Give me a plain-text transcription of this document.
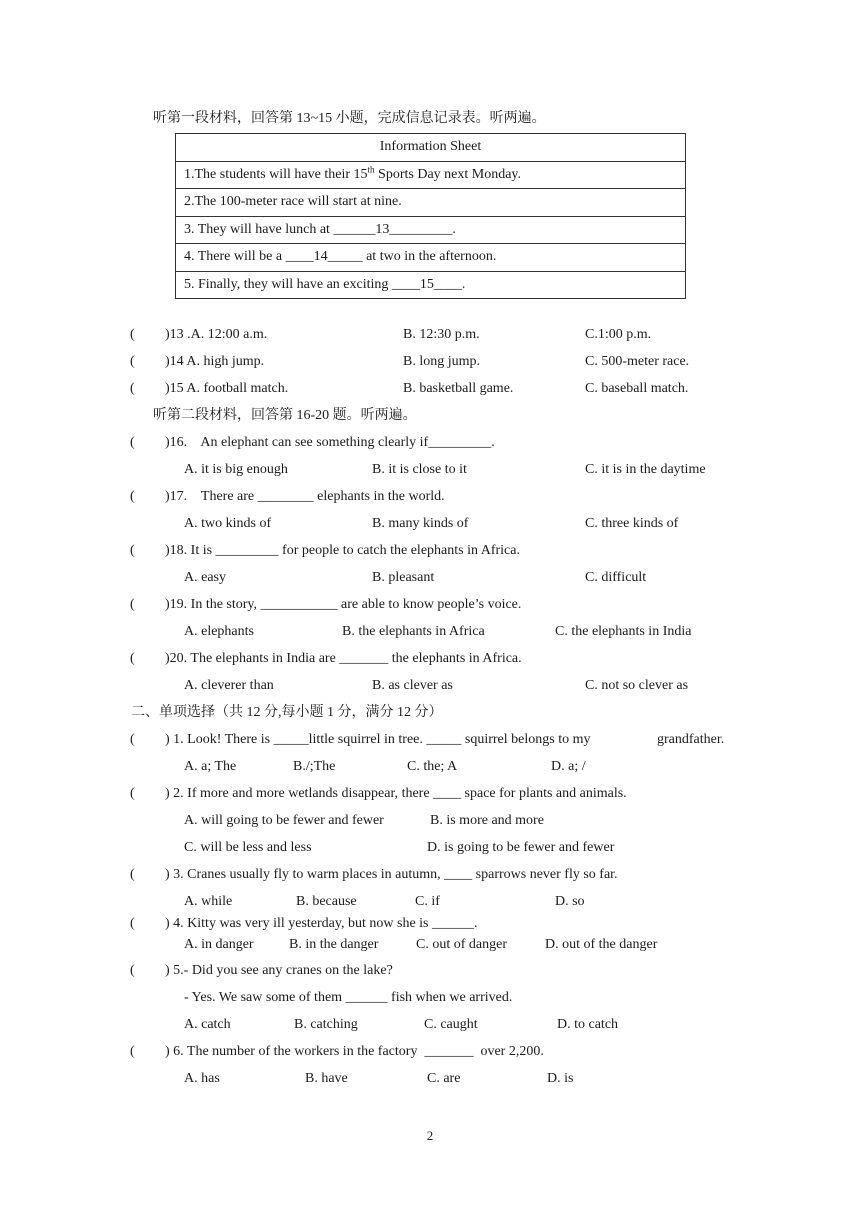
听第一段材料，回答第 13~15 小题，完成信息记录表。听两遍。
Information Sheet
1.The students will have their 15th Sports Day next Monday.
2.The 100-meter race will start at nine.
3. They will have lunch at ______13_________.
4. There will be a ____14_____ at two in the afternoon.
5. Finally, they will have an exciting ____15____.
( )13 .A. 12:00 a.m.	B. 12:30 p.m.	C.1:00 p.m.
( )14 A. high jump.	B. long jump.	C. 500-meter race.
( )15 A. football match.	B. basketball game.	C. baseball match.
听第二段材料，回答第 16-20 题。听两遍。
( )16.    An elephant can see something clearly if_________.
A. it is big enough	B. it is close to it	C. it is in the daytime
( )17.    There are ________ elephants in the world.
A. two kinds of	B. many kinds of	C. three kinds of
( )18. It is _________ for people to catch the elephants in Africa.
A. easy	B. pleasant	C. difficult
( )19. In the story, ___________ are able to know people’s voice.
A. elephants	B. the elephants in Africa	C. the elephants in India
( )20. The elephants in India are _______ the elephants in Africa.
A. cleverer than	B. as clever as	C. not so clever as
二、单项选择（共 12 分,每小题 1 分，满分 12 分）
( ) 1. Look! There is _____little squirrel in tree. _____ squirrel belongs to my	grandfather.
A. a; The	B./;The	C. the; A	D. a; /
( ) 2. If more and more wetlands disappear, there ____ space for plants and animals.
A. will going to be fewer and fewer	B. is more and more
C. will be less and less	D. is going to be fewer and fewer
( ) 3. Cranes usually fly to warm places in autumn, ____ sparrows never fly so far.
A. while	B. because	C. if	D. so
( ) 4. Kitty was very ill yesterday, but now she is ______.
A. in danger	B. in the danger	C. out of danger	D. out of the danger
( ) 5.- Did you see any cranes on the lake?
- Yes. We saw some of them ______ fish when we arrived.
A. catch	B. catching	C. caught	D. to catch
( ) 6. The number of the workers in the factory  _______  over 2,200.
A. has	B. have	C. are	D. is
2
